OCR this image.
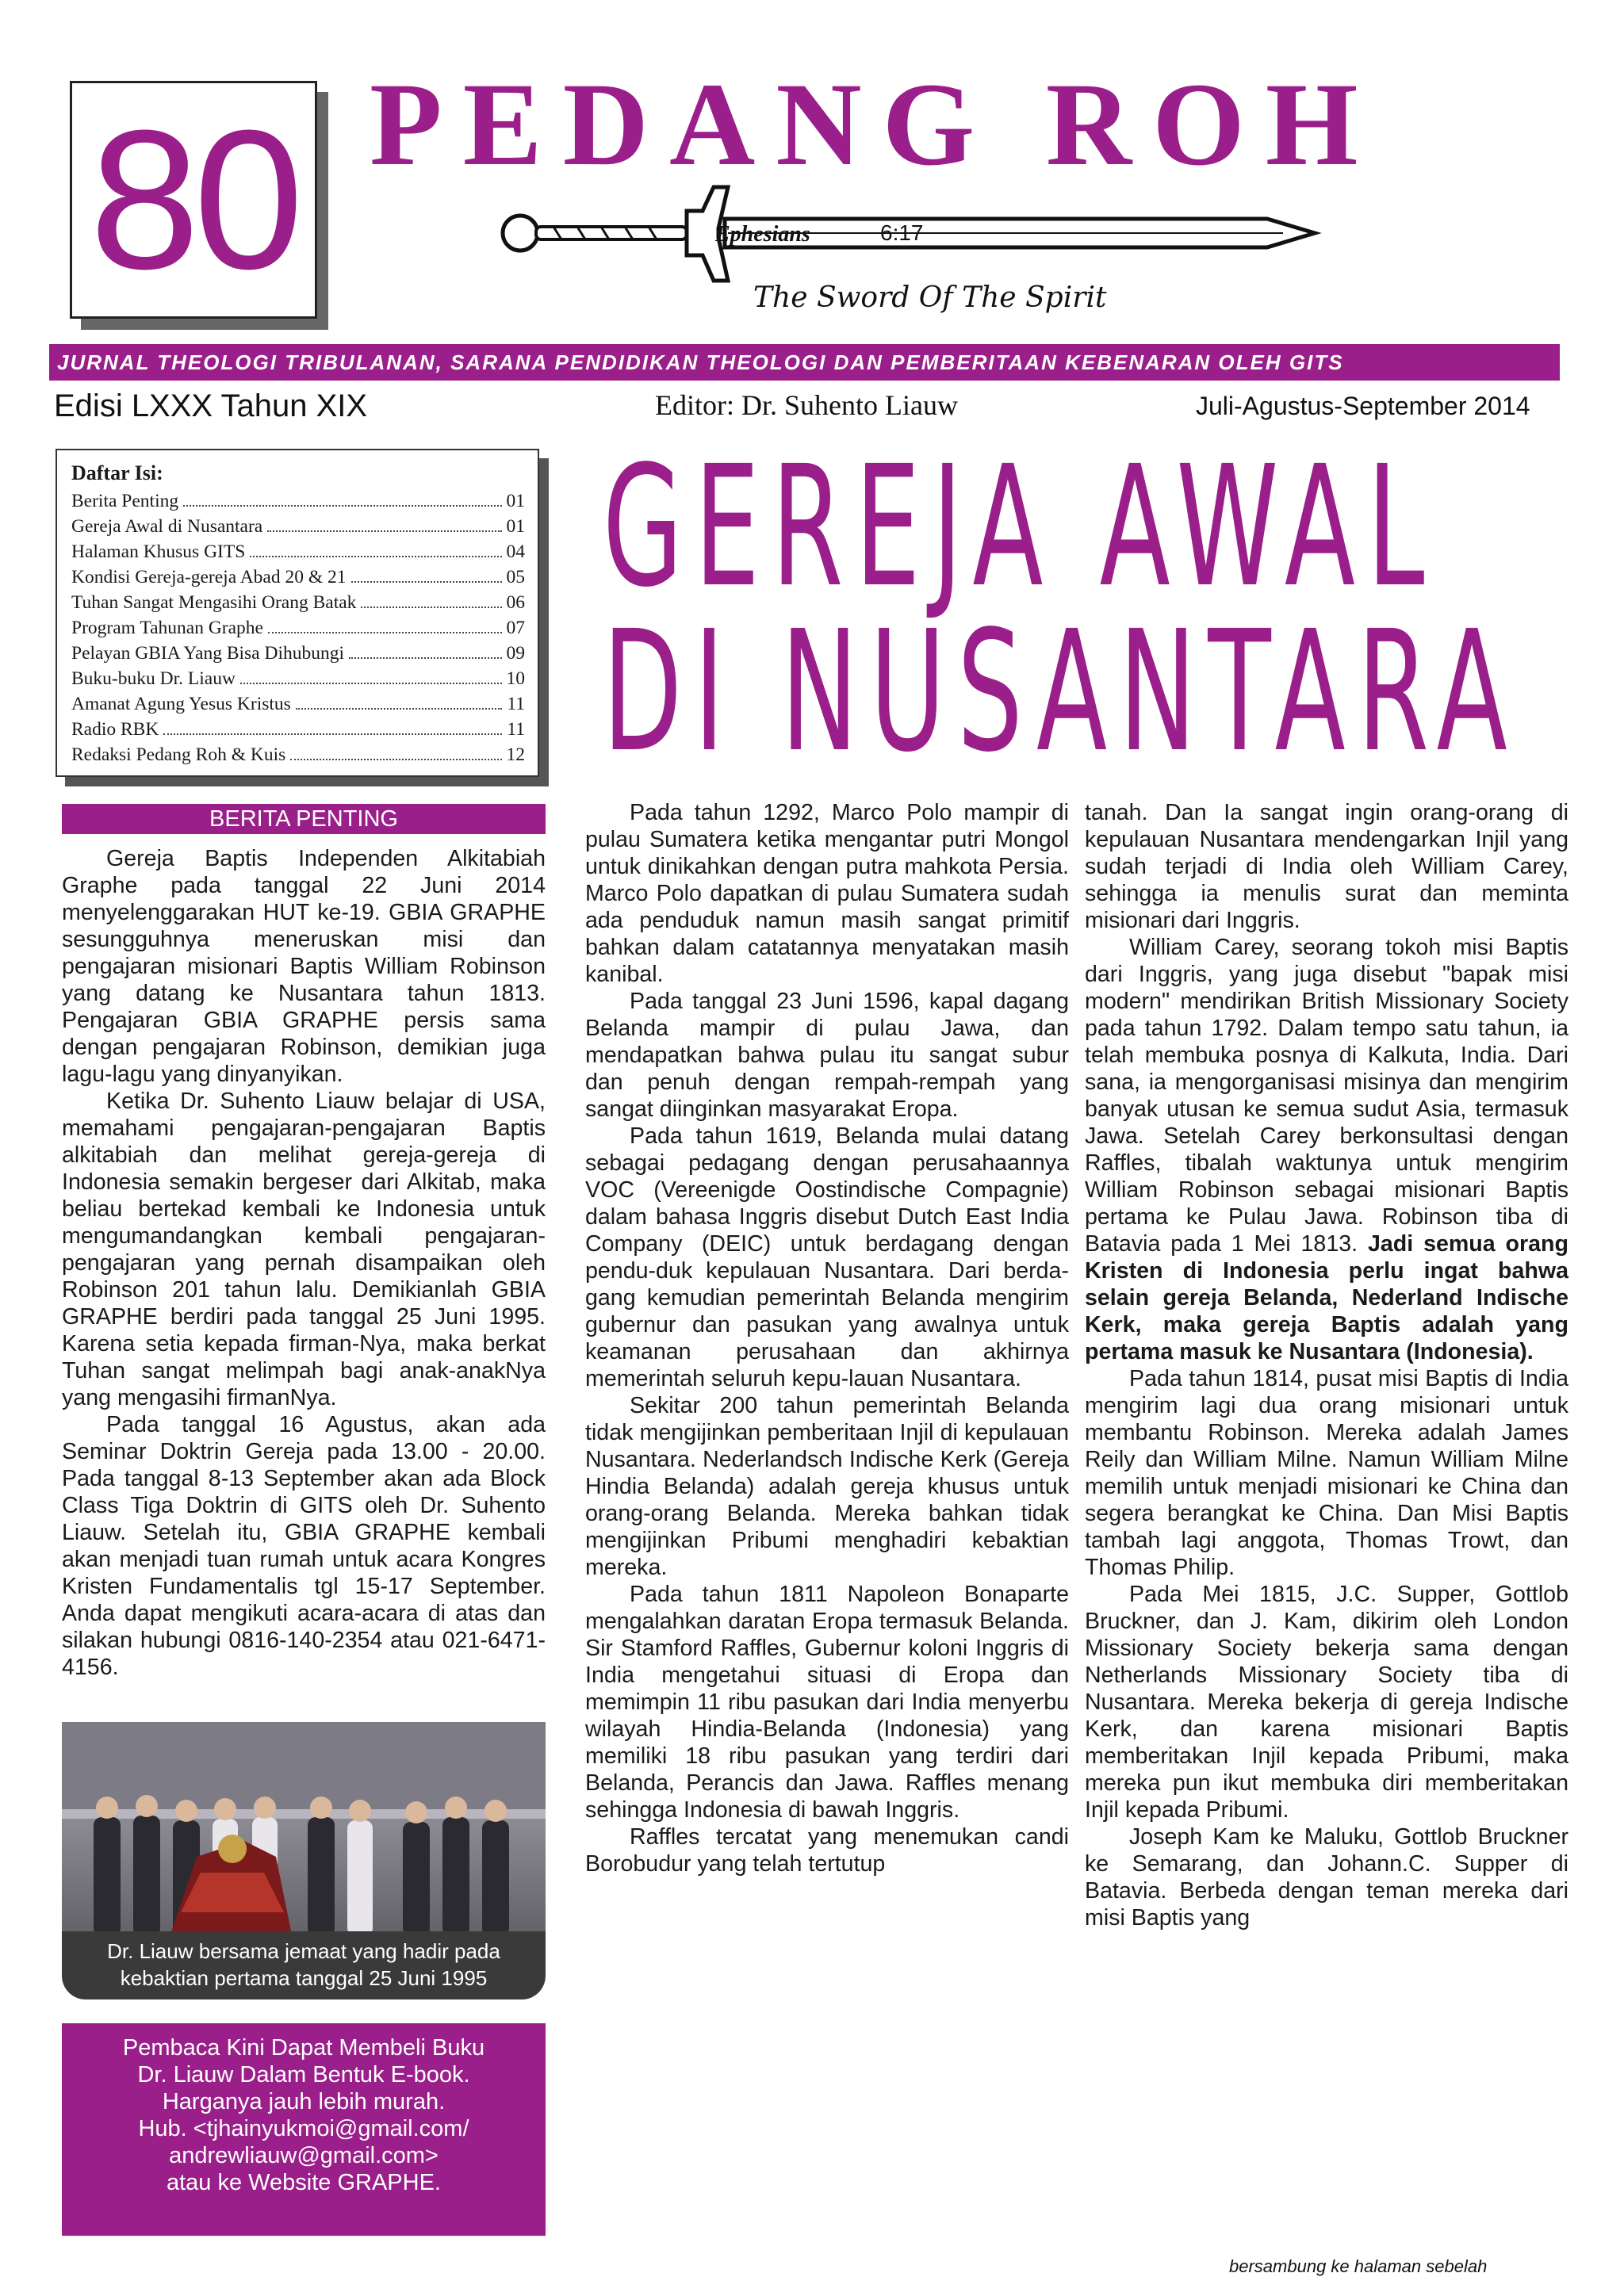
80 PEDANG ROH
Ephesians	6:17
The Sword Of The Spirit
JURNAL THEOLOGI TRIBULANAN, SARANA PENDIDIKAN THEOLOGI DAN PEMBERITAAN KEBENARAN OLEH GITS
Edisi LXXX Tahun XIX	Editor: Dr. Suhento Liauw	Juli-Agustus-September 2014
GEREJA AWAL
DI NUSANTARA
Daftar Isi:
Berita Penting	01
Gereja Awal di Nusantara	01
Halaman Khusus GITS	04
Kondisi Gereja-gereja Abad 20 & 21	05
Tuhan Sangat Mengasihi Orang Batak	06
Program Tahunan Graphe	07
Pelayan GBIA Yang Bisa Dihubungi	09
Buku-buku Dr. Liauw	10
Amanat Agung Yesus Kristus	11
Radio RBK	11
Redaksi Pedang Roh & Kuis	12
BERITA PENTING

Gereja Baptis Independen Alkitabiah Graphe pada tanggal 22 Juni 2014 menyelenggarakan HUT ke-19. GBIA GRAPHE sesungguhnya meneruskan misi dan pengajaran misionari Baptis William Robinson yang datang ke Nusantara tahun 1813. Pengajaran GBIA GRAPHE persis sama dengan pengajaran Robinson, demikian juga lagu-lagu yang dinyanyikan.

Ketika Dr. Suhento Liauw belajar di USA, memahami pengajaran-pengajaran Baptis alkitabiah dan melihat gereja-gereja di Indonesia semakin bergeser dari Alkitab, maka beliau bertekad kembali ke Indonesia untuk mengumandangkan kembali pengajaran-pengajaran yang pernah disampaikan oleh Robinson 201 tahun lalu. Demikianlah GBIA GRAPHE berdiri pada tanggal 25 Juni 1995. Karena setia kepada firman-Nya, maka berkat Tuhan sangat melimpah bagi anak-anakNya yang mengasihi firmanNya.

Pada tanggal 16 Agustus, akan ada Seminar Doktrin Gereja pada 13.00 - 20.00. Pada tanggal 8-13 September akan ada Block Class Tiga Doktrin di GITS oleh Dr. Suhento Liauw. Setelah itu, GBIA GRAPHE kembali akan menjadi tuan rumah untuk acara Kongres Kristen Fundamentalis tgl 15-17 September. Anda dapat mengikuti acara-acara di atas dan silakan hubungi 0816-140-2354 atau 021-6471-4156.

Dr. Liauw bersama jemaat yang hadir pada kebaktian pertama tanggal 25 Juni 1995
Pembaca Kini Dapat Membeli Buku
Dr. Liauw Dalam Bentuk E-book.
Harganya jauh lebih murah.
Hub. <tjhainyukmoi@gmail.com/
andrewliauw@gmail.com>
atau ke Website GRAPHE.

Pada tahun 1292, Marco Polo mampir di pulau Sumatera ketika mengantar putri Mongol untuk dinikahkan dengan putra mahkota Persia. Marco Polo dapatkan di pulau Sumatera sudah ada penduduk namun masih sangat primitif bahkan dalam catatannya menyatakan masih kanibal.

Pada tanggal 23 Juni 1596, kapal dagang Belanda mampir di pulau Jawa, dan mendapatkan bahwa pulau itu sangat subur dan penuh dengan rempah-rempah yang sangat diinginkan masyarakat Eropa.

Pada tahun 1619, Belanda mulai datang sebagai pedagang dengan perusahaannya VOC (Vereenigde Oostindische Compagnie) dalam bahasa Inggris disebut Dutch East India Company (DEIC) untuk berdagang dengan pendu-duk kepulauan Nusantara. Dari berda-gang kemudian pemerintah Belanda mengirim gubernur dan pasukan yang awalnya untuk keamanan perusahaan dan akhirnya memerintah seluruh kepu-lauan Nusantara.

Sekitar 200 tahun pemerintah Belanda tidak mengijinkan pemberitaan Injil di kepulauan Nusantara. Nederlandsch Indische Kerk (Gereja Hindia Belanda) adalah gereja khusus untuk orang-orang Belanda. Mereka bahkan tidak mengijinkan Pribumi menghadiri kebaktian mereka.

Pada tahun 1811 Napoleon Bonaparte mengalahkan daratan Eropa termasuk Belanda. Sir Stamford Raffles, Gubernur koloni Inggris di India mengetahui situasi di Eropa dan memimpin 11 ribu pasukan dari India menyerbu wilayah Hindia-Belanda (Indonesia) yang memiliki 18 ribu pasukan yang terdiri dari Belanda, Perancis dan Jawa. Raffles menang sehingga Indonesia di bawah Inggris.

Raffles tercatat yang menemukan candi Borobudur yang telah tertutup

tanah. Dan Ia sangat ingin orang-orang di kepulauan Nusantara mendengarkan Injil yang sudah terjadi di India oleh William Carey, sehingga ia menulis surat dan meminta misionari dari Inggris.

William Carey, seorang tokoh misi Baptis dari Inggris, yang juga disebut "bapak misi modern" mendirikan British Missionary Society pada tahun 1792. Dalam tempo satu tahun, ia telah membuka posnya di Kalkuta, India. Dari sana, ia mengorganisasi misinya dan mengirim banyak utusan ke semua sudut Asia, termasuk Jawa. Setelah Carey berkonsultasi dengan Raffles, tibalah waktunya untuk mengirim William Robinson sebagai misionari Baptis pertama ke Pulau Jawa. Robinson tiba di Batavia pada 1 Mei 1813. Jadi semua orang Kristen di Indonesia perlu ingat bahwa selain gereja Belanda, Nederland Indische Kerk, maka gereja Baptis adalah yang pertama masuk ke Nusantara (Indonesia).

Pada tahun 1814, pusat misi Baptis di India mengirim lagi dua orang misionari untuk membantu Robinson. Mereka adalah James Reily dan William Milne. Namun William Milne memilih untuk menjadi misionari ke China dan segera berangkat ke China. Dan Misi Baptis tambah lagi anggota, Thomas Trowt, dan Thomas Philip.

Pada Mei 1815, J.C. Supper, Gottlob Bruckner, dan J. Kam, dikirim oleh London Missionary Society bekerja sama dengan Netherlands Missionary Society tiba di Nusantara. Mereka bekerja di gereja Indische Kerk, dan karena misionari Baptis memberitakan Injil kepada Pribumi, maka mereka pun ikut membuka diri memberitakan Injil kepada Pribumi.

Joseph Kam ke Maluku, Gottlob Bruckner ke Semarang, dan Johann.C. Supper di Batavia. Berbeda dengan teman mereka dari misi Baptis yang

bersambung ke halaman sebelah
